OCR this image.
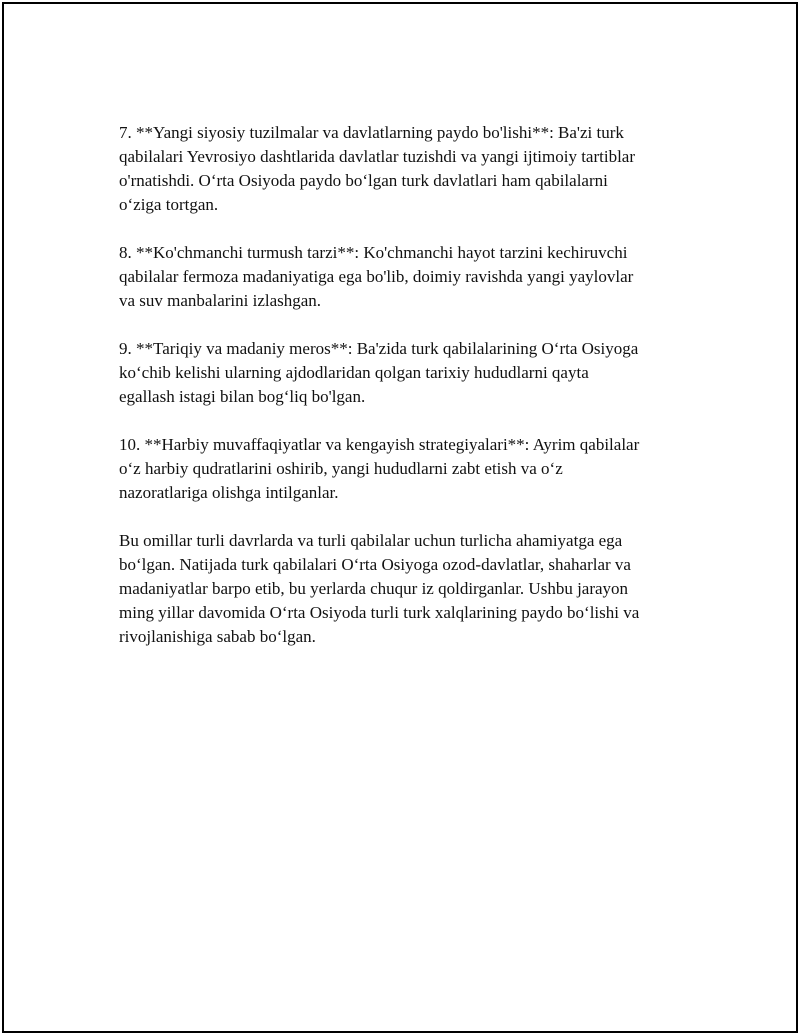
7. **Yangi siyosiy tuzilmalar va davlatlarning paydo bo'lishi**: Ba'zi turk
qabilalari Yevrosiyo dashtlarida davlatlar tuzishdi va yangi ijtimoiy tartiblar
o'rnatishdi. O‘rta Osiyoda paydo bo‘lgan turk davlatlari ham qabilalarni
o‘ziga tortgan.

8. **Ko'chmanchi turmush tarzi**: Ko'chmanchi hayot tarzini kechiruvchi
qabilalar fermoza madaniyatiga ega bo'lib, doimiy ravishda yangi yaylovlar
va suv manbalarini izlashgan.

9. **Tariqiy va madaniy meros**: Ba'zida turk qabilalarining O‘rta Osiyoga
ko‘chib kelishi ularning ajdodlaridan qolgan tarixiy hududlarni qayta
egallash istagi bilan bog‘liq bo'lgan.

10. **Harbiy muvaffaqiyatlar va kengayish strategiyalari**: Ayrim qabilalar
o‘z harbiy qudratlarini oshirib, yangi hududlarni zabt etish va o‘z
nazoratlariga olishga intilganlar.

Bu omillar turli davrlarda va turli qabilalar uchun turlicha ahamiyatga ega
bo‘lgan. Natijada turk qabilalari O‘rta Osiyoga ozod-davlatlar, shaharlar va
madaniyatlar barpo etib, bu yerlarda chuqur iz qoldirganlar. Ushbu jarayon
ming yillar davomida O‘rta Osiyoda turli turk xalqlarining paydo bo‘lishi va
rivojlanishiga sabab bo‘lgan.
